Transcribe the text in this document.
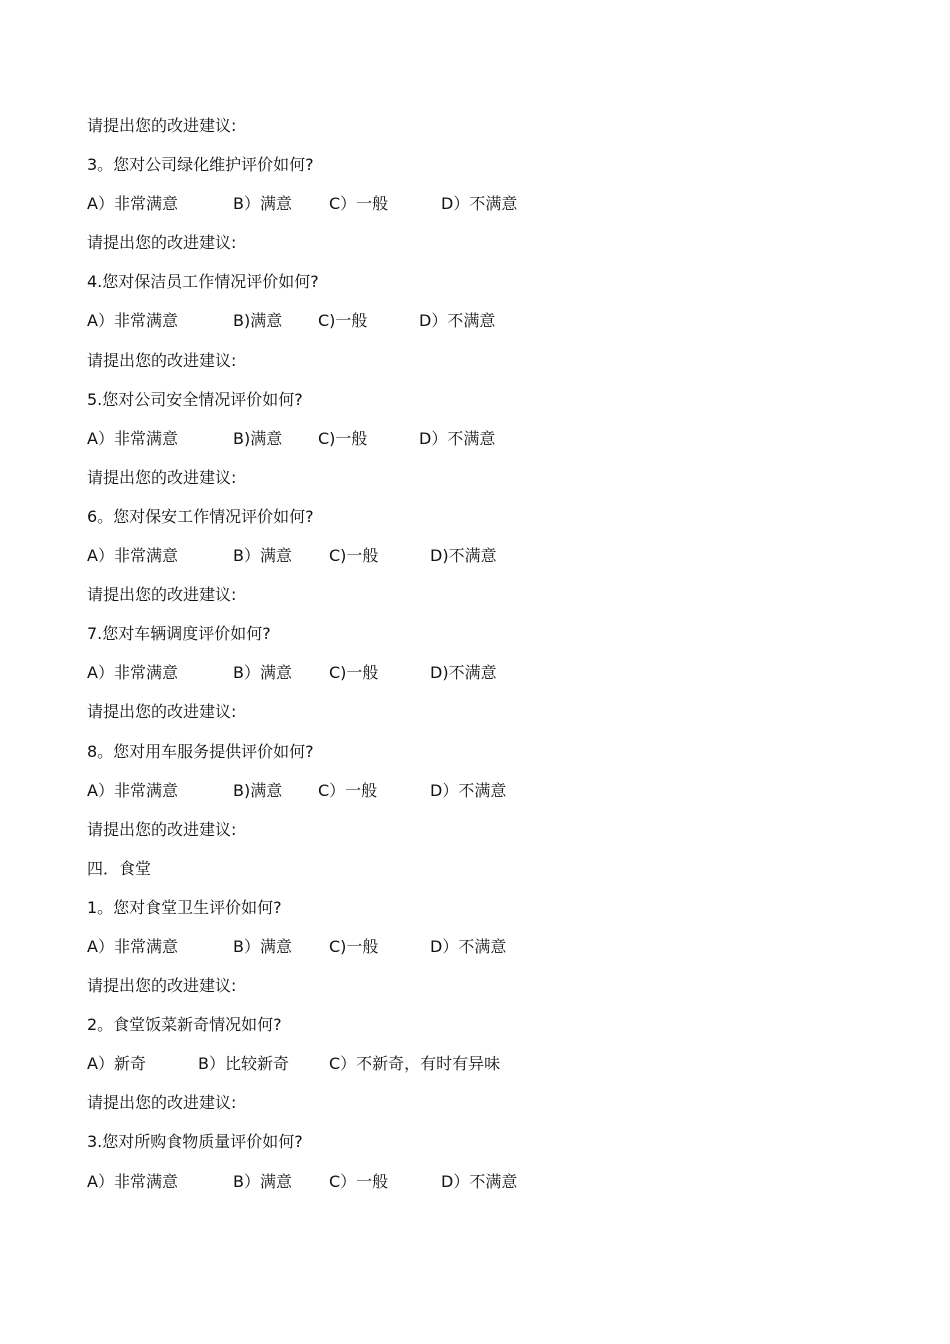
请提出您的改进建议:
3。您对公司绿化维护评价如何?
A）非常满意	B）满意 C）一般	D）不满意
请提出您的改进建议:
4.您对保洁员工作情况评价如何?
A）非常满意	B)满意 C)一般	D）不满意
请提出您的改进建议:
5.您对公司安全情况评价如何?
A）非常满意	B)满意 C)一般	D）不满意
请提出您的改进建议:
6。您对保安工作情况评价如何?
A）非常满意	B）满意 C)一般	D)不满意
请提出您的改进建议:
7.您对车辆调度评价如何?
A）非常满意	B）满意 C)一般	D)不满意
请提出您的改进建议:
8。您对用车服务提供评价如何?
A）非常满意	B)满意 C）一般	D）不满意
请提出您的改进建议:
四．食堂
1。您对食堂卫生评价如何?
A）非常满意	B）满意 C)一般	D）不满意
请提出您的改进建议:
2。食堂饭菜新奇情况如何?
A）新奇	B）比较新奇	C）不新奇，有时有异味
请提出您的改进建议:
3.您对所购食物质量评价如何?
A）非常满意	B）满意 C）一般	D）不满意
